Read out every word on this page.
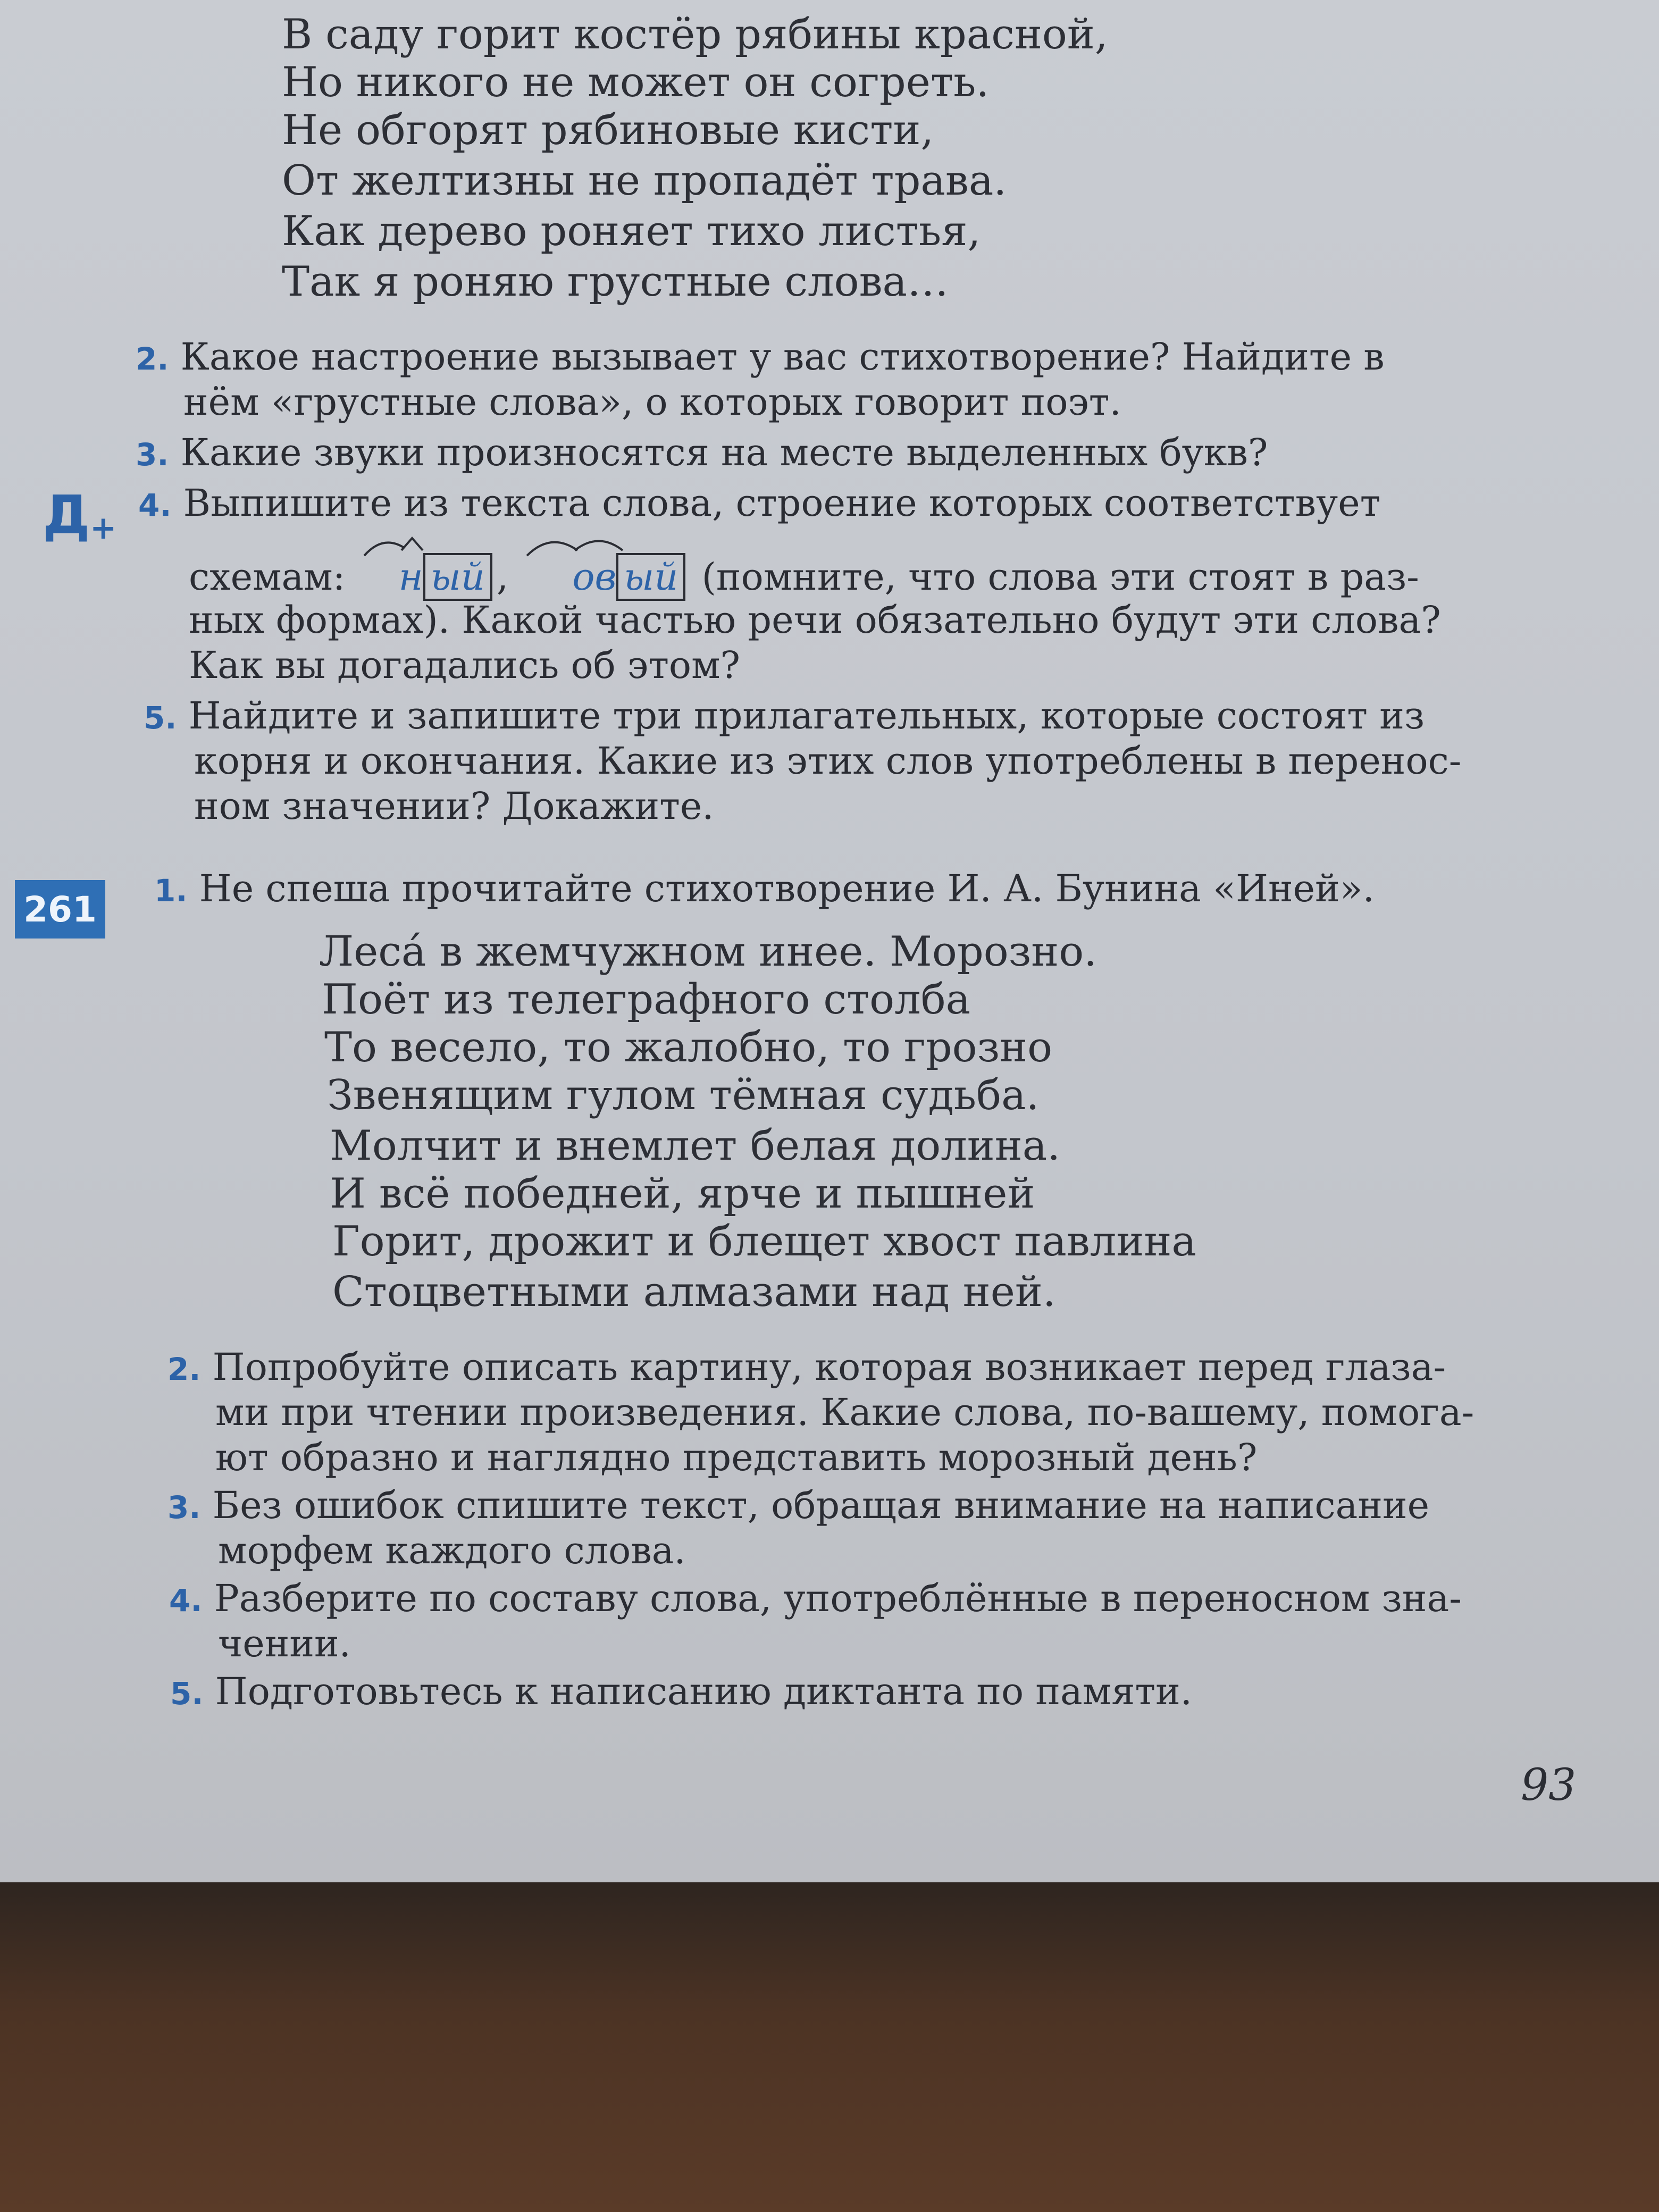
В саду горит костёр рябины красной,
Но никого не может он согреть.
Не обгорят рябиновые кисти,
От желтизны не пропадёт трава.
Как дерево роняет тихо листья,
Так я роняю грустные слова…
2. Какое настроение вызывает у вас стихотворение? Найдите в
нём «грустные слова», о которых говорит поэт.
3. Какие звуки произносятся на месте выделенных букв?
Д+
4. Выпишите из текста слова, строение которых соответствует
схемам: н ый , ов ый (помните, что слова эти стоят в раз-
ных формах). Какой частью речи обязательно будут эти слова?
Как вы догадались об этом?
5. Найдите и запишите три прилагательных, которые состоят из
корня и окончания. Какие из этих слов употреблены в перенос-
ном значении? Докажите.
261 1. Не спеша прочитайте стихотворение И. А. Бунина «Иней».
Леса́ в жемчужном инее. Морозно.
Поёт из телеграфного столба
То весело, то жалобно, то грозно
Звенящим гулом тёмная судьба.
Молчит и внемлет белая долина.
И всё победней, ярче и пышней
Горит, дрожит и блещет хвост павлина
Стоцветными алмазами над ней.
2. Попробуйте описать картину, которая возникает перед глаза-
ми при чтении произведения. Какие слова, по-вашему, помога-
ют образно и наглядно представить морозный день?
3. Без ошибок спишите текст, обращая внимание на написание
морфем каждого слова.
4. Разберите по составу слова, употреблённые в переносном зна-
чении.
5. Подготовьтесь к написанию диктанта по памяти.
93
